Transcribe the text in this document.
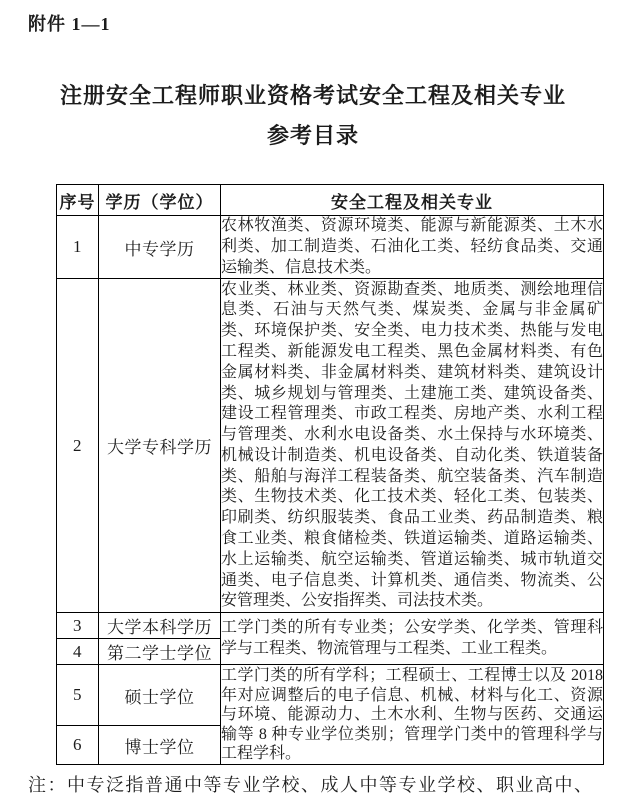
附件 1—1
注册安全工程师职业资格考试安全工程及相关专业
参考目录
序号	学历（学位）	安全工程及相关专业
1	中专学历	农林牧渔类、资源环境类、能源与新能源类、土木水利类、加工制造类、石油化工类、轻纺食品类、交通运输类、信息技术类。
2	大学专科学历	农业类、林业类、资源勘查类、地质类、测绘地理信息类、石油与天然气类、煤炭类、金属与非金属矿类、环境保护类、安全类、电力技术类、热能与发电工程类、新能源发电工程类、黑色金属材料类、有色金属材料类、非金属材料类、建筑材料类、建筑设计类、城乡规划与管理类、土建施工类、建筑设备类、建设工程管理类、市政工程类、房地产类、水利工程与管理类、水利水电设备类、水土保持与水环境类、机械设计制造类、机电设备类、自动化类、铁道装备类、船舶与海洋工程装备类、航空装备类、汽车制造类、生物技术类、化工技术类、轻化工类、包装类、印刷类、纺织服装类、食品工业类、药品制造类、粮食工业类、粮食储检类、铁道运输类、道路运输类、水上运输类、航空运输类、管道运输类、城市轨道交通类、电子信息类、计算机类、通信类、物流类、公安管理类、公安指挥类、司法技术类。
3	大学本科学历	工学门类的所有专业类；公安学类、化学类、管理科学与工程类、物流管理与工程类、工业工程类。
4	第二学士学位	
5	硕士学位	工学门类的所有学科；工程硕士、工程博士以及 2018 年对应调整后的电子信息、机械、材料与化工、资源与环境、能源动力、土木水利、生物与医药、交通运输等 8 种专业学位类别；管理学门类中的管理科学与工程学科。
6	博士学位	
注：中专泛指普通中等专业学校、成人中等专业学校、职业高中、
